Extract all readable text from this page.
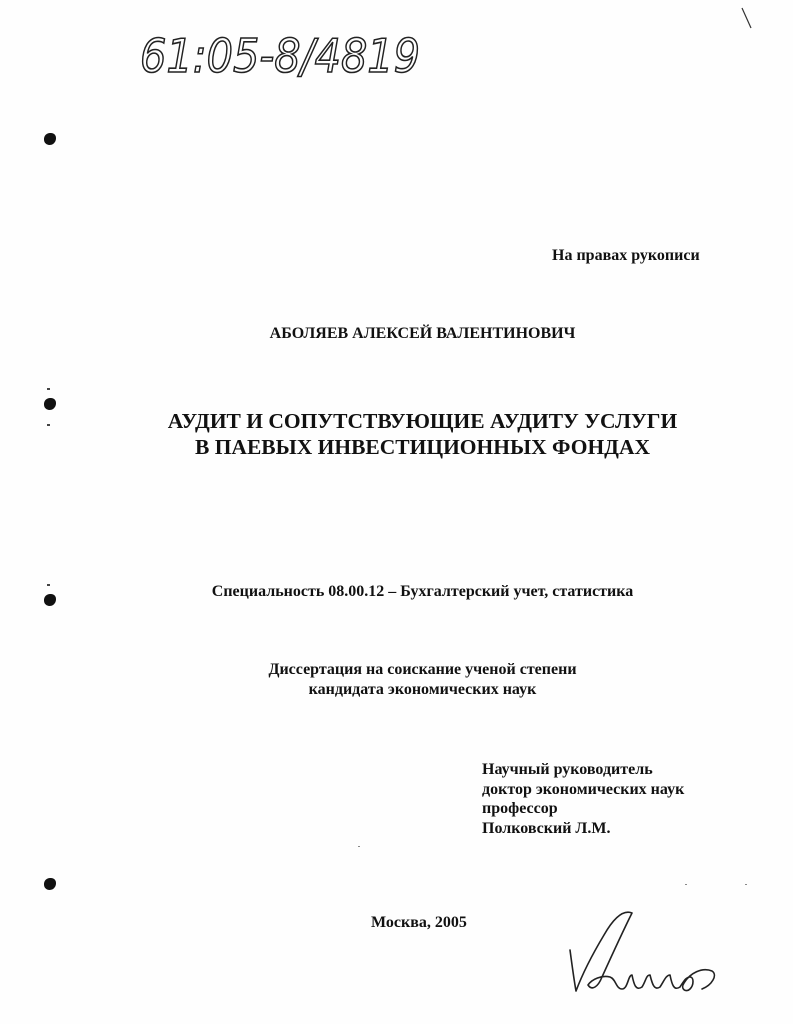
61:05-8/4819
На правах рукописи
АБОЛЯЕВ АЛЕКСЕЙ ВАЛЕНТИНОВИЧ
АУДИТ И СОПУТСТВУЮЩИЕ АУДИТУ УСЛУГИ
В ПАЕВЫХ ИНВЕСТИЦИОННЫХ ФОНДАХ
Специальность 08.00.12 – Бухгалтерский учет, статистика
Диссертация на соискание ученой степени
кандидата экономических наук
Научный руководитель
доктор экономических наук
профессор
Полковский Л.М.
Москва, 2005
